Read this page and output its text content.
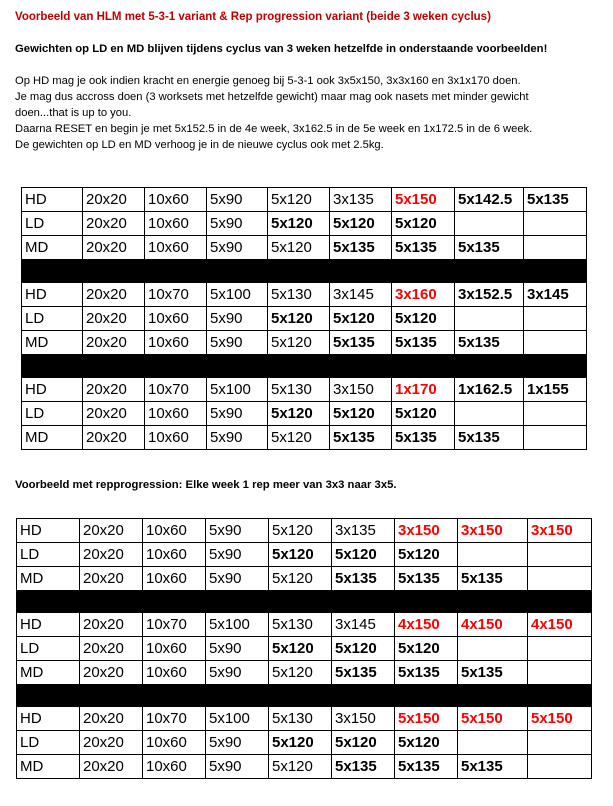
Voorbeeld van HLM met 5-3-1 variant & Rep progression variant (beide 3 weken cyclus)
Gewichten op LD en MD blijven tijdens cyclus van 3 weken hetzelfde in onderstaande voorbeelden!
Op HD mag je ook indien kracht en energie genoeg bij 5-3-1 ook 3x5x150, 3x3x160 en 3x1x170 doen.
Je mag dus accross doen (3 worksets met hetzelfde gewicht) maar mag ook nasets met minder gewicht
doen...that is up to you.
Daarna RESET en begin je met 5x152.5 in de 4e week, 3x162.5 in de 5e week en 1x172.5 in de 6 week.
De gewichten op LD en MD verhoog je in de nieuwe cyclus ook met 2.5kg.
HD	20x20	10x60	5x90	5x120	3x135	5x150	5x142.5	5x135
LD	20x20	10x60	5x90	5x120	5x120	5x120		
MD	20x20	10x60	5x90	5x120	5x135	5x135	5x135	

HD	20x20	10x70	5x100	5x130	3x145	3x160	3x152.5	3x145
LD	20x20	10x60	5x90	5x120	5x120	5x120		
MD	20x20	10x60	5x90	5x120	5x135	5x135	5x135	

HD	20x20	10x70	5x100	5x130	3x150	1x170	1x162.5	1x155
LD	20x20	10x60	5x90	5x120	5x120	5x120		
MD	20x20	10x60	5x90	5x120	5x135	5x135	5x135	
Voorbeeld met repprogression: Elke week 1 rep meer van 3x3 naar 3x5.
HD	20x20	10x60	5x90	5x120	3x135	3x150	3x150	3x150
LD	20x20	10x60	5x90	5x120	5x120	5x120		
MD	20x20	10x60	5x90	5x120	5x135	5x135	5x135	

HD	20x20	10x70	5x100	5x130	3x145	4x150	4x150	4x150
LD	20x20	10x60	5x90	5x120	5x120	5x120		
MD	20x20	10x60	5x90	5x120	5x135	5x135	5x135	

HD	20x20	10x70	5x100	5x130	3x150	5x150	5x150	5x150
LD	20x20	10x60	5x90	5x120	5x120	5x120		
MD	20x20	10x60	5x90	5x120	5x135	5x135	5x135	
